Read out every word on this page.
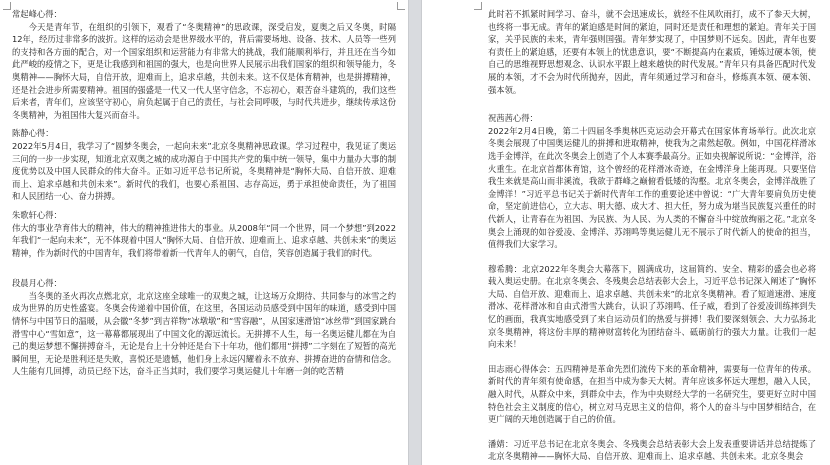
常起峰心得：

今天是青年节，在组织的引领下，观看了“冬奥精神”的思政课，深受启发，夏奥之后又冬奥，时隔12年，经历过非常多的波折。这样的运动会是世界级水平的，背后需要场地、设备、技术、人员等一些列的支持和各方面的配合，对一个国家组织和运营能力有非常大的挑战，我们能顺利举行，并且还在当今如此严峻的疫情之下，更是让我感到和祖国的强大，也是向世界人民展示出我们国家的组织和领导能力，冬奥精神——胸怀大局，自信开放，迎难而上，追求卓越，共创未来。这不仅是体育精神，也是拼搏精神，还是社会进步所需要精神。祖国的强盛是一代又一代人坚守信念，不忘初心，艰苦奋斗建筑的，我们这些后来者，青年们，应该坚守初心，肩负起属于自己的责任，与社会同呼吸，与时代共进步，继续传承这份冬奥精神，为祖国伟大复兴而奋斗。

陈静心得：

2022年5月4日，我学习了“圆梦冬奥会，一起向未来”北京冬奥精神思政课。学习过程中，我见证了奥运三问的一步一步实现，知道北京双奥之城的成功源自于中国共产党的集中统一领导，集中力量办大事的制度优势以及中国人民群众的伟大奋斗。正如习近平总书记所说，冬奥精神是“胸怀大局、自信开放、迎难而上、追求卓越和共创未来”。新时代的我们，也要心系祖国、志存高远，勇于承担使命责任，为了祖国和人民团结一心、奋力拼搏。

朱歌轩心得：

伟大的事业孕育伟大的精神，伟大的精神推进伟大的事业。从2008年“同一个世界，同一个梦想”到2022年我们“一起向未来”，无不体现着中国人“胸怀大局、自信开放、迎难而上、追求卓越、共创未来”的奥运精神，作为新时代的中国青年，我们将带着新一代青年人的朝气，自信，笑容创造属于我们的时代。

段晨月心得：

当冬奥的圣火再次点燃北京，北京这座全球唯一的双奥之城，让这场万众期待、共同参与的冰雪之约成为世界的历史性盛宴。冬奥会传递着中国价值，在这里，各国运动员感受到中国年的味道，感受到中国情怀与中国节日的温暖，从会徽“冬梦”到吉祥物“冰墩墩”和“雪容融”，从国家速滑馆“冰丝带”到国家跳台滑雪中心“雪如意”，这一幕幕都展现出了中国文化的源远流长。无拼搏不人生，每一名奥运健儿都在为自己的奥运梦想不懈拼搏奋斗，无论是台上十分钟还是台下十年功，他们都用“拼搏”二字刻在了短暂的高光瞬间里，无论是胜利还是失败，喜悦还是遗憾，他们身上永远闪耀着永不放弃、拼搏奋进的奋情和信念。人生能有几回搏，动员已经下达，奋斗正当其时，我们要学习奥运健儿十年磨一剑的吃苦精

此时若不抓紧时间学习、奋斗，就不会迅速成长，就经不住风吹雨打，成不了参天大树，也终将一事无成。青年的紧迫感是时间的紧迫，同时还是责任和理想的紧迫。青年关于国家，关乎民族的未来，青年强则国强。青年梦实现了，中国梦则不远矣。因此，青年也要有责任上的紧迫感，还要有本领上的忧患意识，要“不断提高内在素质，锤炼过硬本领，使自己的思维视野思想观念、认识水平跟上越来越快的时代发展。”青年只有具备匹配时代发展的本领，才不会为时代所抛弃，因此，青年须通过学习和奋斗，修炼真本领、硬本领、强本领。

祝茜茜心得：

2022年2月4日晚，第二十四届冬季奥林匹克运动会开幕式在国家体育场举行。此次北京冬奥会展现了中国奥运健儿的拼搏和进取精神，使我为之肃然起敬。例如，中国花样滑冰选手金博洋，在此次冬奥会上创造了个人本赛季最高分。正如央视解说所说：“金博洋，浴火重生。在北京首都体育馆，这个曾经的花样滑冰奇迹，在金博洋身上能再现。只要坚信我生来就是高山而非溪流，我欲于群峰之巅俯看低矮的沟壑。北京冬奥会，金博洋战胜了金博洋！”习近平总书记关于新时代青年工作的重要论述中曾说：“广大青年要肩负历史使命，坚定前进信心，立大志、明大德、成大才、担大任，努力成为堪当民族复兴重任的时代新人，让青春在为祖国、为民族、为人民、为人类的不懈奋斗中绽放绚丽之花。”北京冬奥会上涌现的如谷爱凌、金博洋、苏翊鸣等奥运健儿无不展示了时代新人的使命的担当，值得我们大家学习。

穆希腾：北京2022年冬奥会大幕落下，圆满成功，这届简约、安全、精彩的盛会也必将载入奥运史册。在北京冬奥会、冬残奥会总结表彰大会上，习近平总书记深入阐述了“胸怀大局、自信开放、迎难而上、追求卓越、共创未来”的北京冬奥精神。看了短道速滑、速度滑冰、花样滑冰和自由式滑雪大跳台，认识了苏翊鸣、任子威，看到了谷爱凌训练摔到失忆的画面，我真实地感受到了来自运动员们的热爱与拼搏！我们要深刻领会、大力弘扬北京冬奥精神，将这份丰厚的精神财富转化为团结奋斗、砥砺前行的强大力量。让我们一起向未来！

田志雨心得体会：五四精神是革命先烈们流传下来的革命精神，需要每一位青年的传承。新时代的青年须有使命感，在担当中成为参天大树。青年应该多怀远大理想，融入人民，融入时代，从群众中来，到群众中去，作为中央财经大学的一名研究生，要更好立时中国特色社会主义制度的信心，树立对马克思主义的信仰，将个人的奋斗与中国梦相结合，在更广阔的天地创造属于自己的价值。

潘婧：习近平总书记在北京冬奥会、冬残奥会总结表彰大会上发表重要讲话并总结提炼了北京冬奥精神——胸怀大局、自信开放、迎难而上、追求卓越、共创未来。北京冬奥会
